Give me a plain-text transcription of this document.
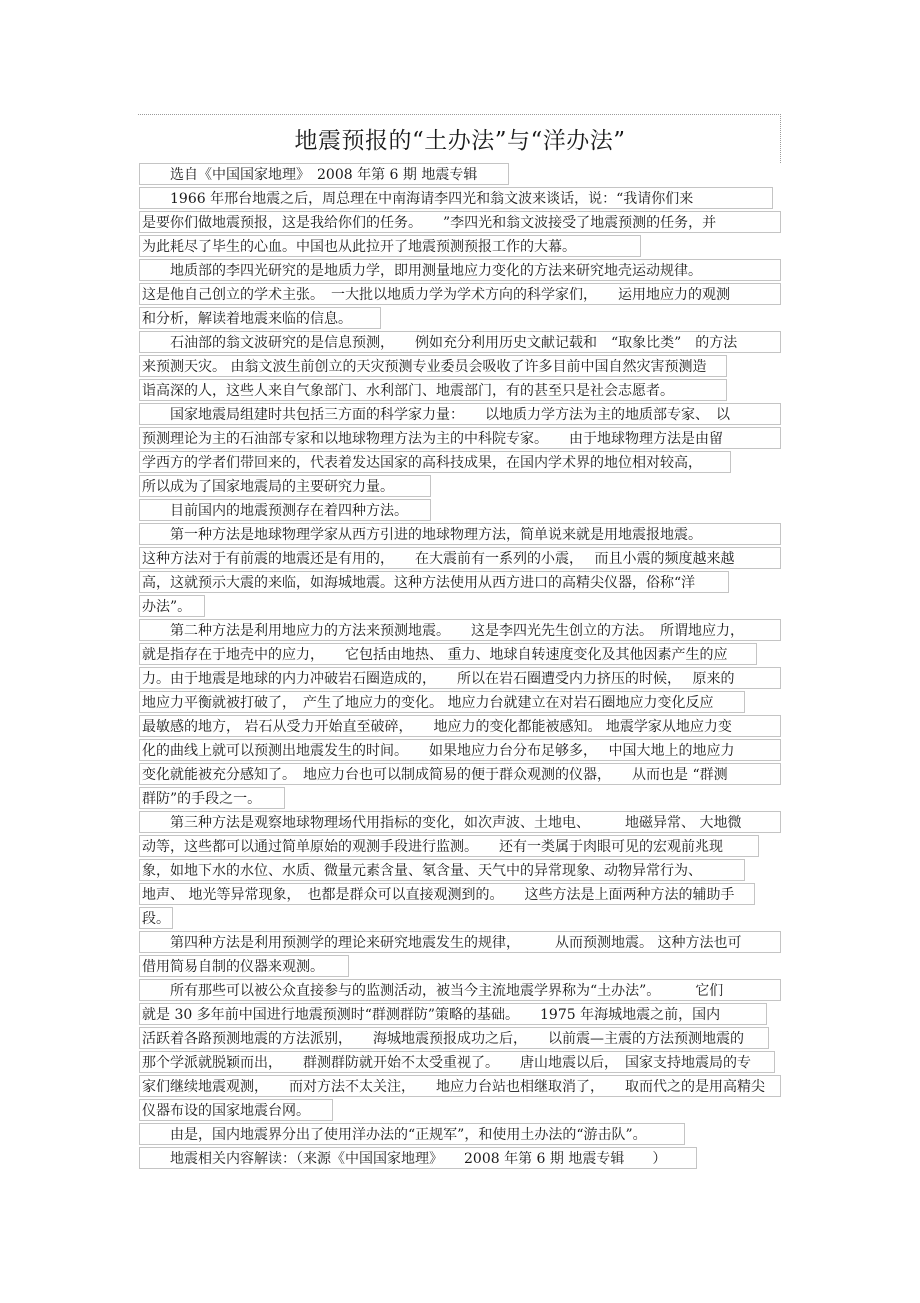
地震预报的“土办法”与“洋办法”
　　选自《中国国家地理》　2008 年第 6 期 地震专辑
　　1966 年邢台地震之后，周总理在中南海请李四光和翁文波来谈话，说：“我请你们来
是要你们做地震预报，这是我给你们的任务。　　”李四光和翁文波接受了地震预测的任务，并
为此耗尽了毕生的心血。中国也从此拉开了地震预测预报工作的大幕。
　　地质部的李四光研究的是地质力学，即用测量地应力变化的方法来研究地壳运动规律。
这是他自己创立的学术主张。　一大批以地质力学为学术方向的科学家们，　　运用地应力的观测
和分析，解读着地震来临的信息。
　　石油部的翁文波研究的是信息预测，　　例如充分利用历史文献记载和　“取象比类”　的方法
来预测天灾。 由翁文波生前创立的天灾预测专业委员会吸收了许多目前中国自然灾害预测造
诣高深的人，这些人来自气象部门、水利部门、地震部门，有的甚至只是社会志愿者。
　　国家地震局组建时共包括三方面的科学家力量：　　以地质力学方法为主的地质部专家、　以
预测理论为主的石油部专家和以地球物理方法为主的中科院专家。　　由于地球物理方法是由留
学西方的学者们带回来的，代表着发达国家的高科技成果，在国内学术界的地位相对较高，
所以成为了国家地震局的主要研究力量。
　　目前国内的地震预测存在着四种方法。
　　第一种方法是地球物理学家从西方引进的地球物理方法，简单说来就是用地震报地震。
这种方法对于有前震的地震还是有用的，　　在大震前有一系列的小震，　 而且小震的频度越来越
高，这就预示大震的来临，如海城地震。这种方法使用从西方进口的高精尖仪器，俗称“洋
办法”。
　　第二种方法是利用地应力的方法来预测地震。　　这是李四光先生创立的方法。　所谓地应力，
就是指存在于地壳中的应力，　　它包括由地热、 重力、地球自转速度变化及其他因素产生的应
力。由于地震是地球的内力冲破岩石圈造成的，　　所以在岩石圈遭受内力挤压的时候，　 原来的
地应力平衡就被打破了，　产生了地应力的变化。 地应力台就建立在对岩石圈地应力变化反应
最敏感的地方， 岩石从受力开始直至破碎，　　地应力的变化都能被感知。 地震学家从地应力变
化的曲线上就可以预测出地震发生的时间。　　如果地应力台分布足够多，　 中国大地上的地应力
变化就能被充分感知了。　地应力台也可以制成简易的便于群众观测的仪器，　　从而也是 “群测
群防”的手段之一。
　　第三种方法是观察地球物理场代用指标的变化，如次声波、土地电、　　　地磁异常、 大地微
动等，这些都可以通过简单原始的观测手段进行监测。　　还有一类属于肉眼可见的宏观前兆现
象，如地下水的水位、水质、微量元素含量、氡含量、天气中的异常现象、动物异常行为、
地声、 地光等异常现象，　也都是群众可以直接观测到的。　　这些方法是上面两种方法的辅助手
段。
　　第四种方法是利用预测学的理论来研究地震发生的规律，　　　从而预测地震。 这种方法也可
借用简易自制的仪器来观测。
　　所有那些可以被公众直接参与的监测活动，被当今主流地震学界称为“土办法”。　　　它们
就是 30 多年前中国进行地震预测时“群测群防”策略的基础。　　1975 年海城地震之前，国内
活跃着各路预测地震的方法派别，　　海城地震预报成功之后，　　以前震—主震的方法预测地震的
那个学派就脱颖而出，　　群测群防就开始不太受重视了。　　唐山地震以后，　国家支持地震局的专
家们继续地震观测，　　而对方法不太关注，　　地应力台站也相继取消了，　　取而代之的是用高精尖
仪器布设的国家地震台网。
　　由是，国内地震界分出了使用洋办法的“正规军”，和使用土办法的“游击队”。
　　地震相关内容解读：（来源《中国国家地理》　　2008 年第 6 期 地震专辑　　）
